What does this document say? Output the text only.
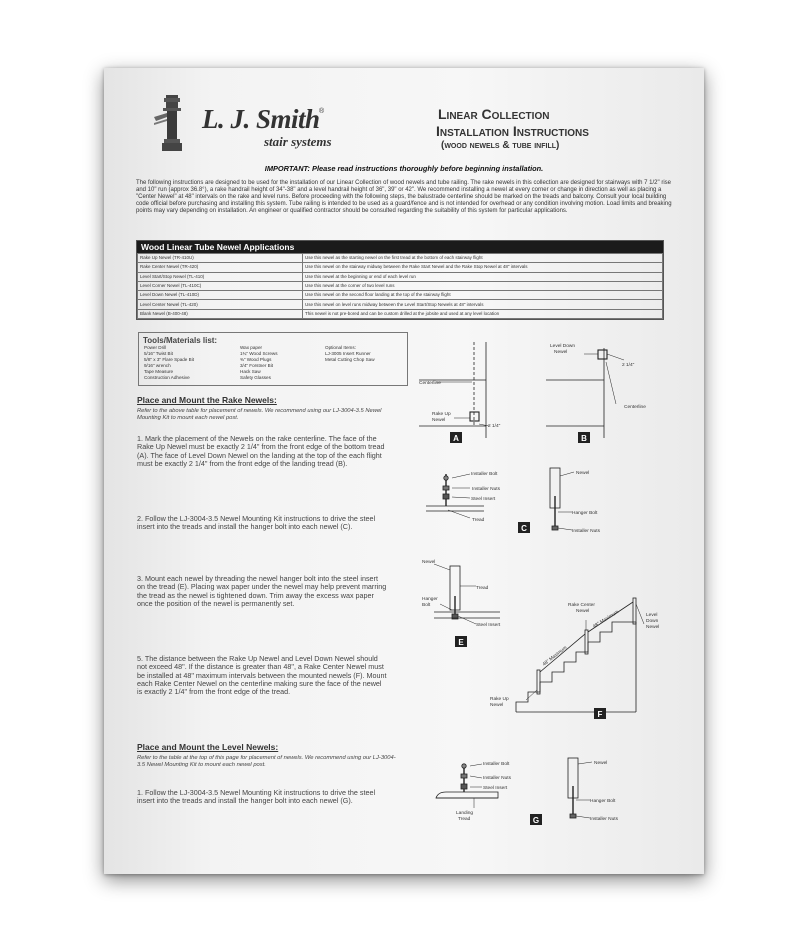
L. J. Smith ®
stair systems
Linear Collection
Installation Instructions
(wood newels & tube infill)
IMPORTANT: Please read instructions thoroughly before beginning installation.

The following instructions are designed to be used for the installation of our Linear Collection of wood newels and tube railing. The rake newels in this collection are designed for stairways with 7 1/2" rise and 10" run (approx 36.8°), a rake handrail height of 34"-38" and a level handrail height of 36", 39" or 42". We recommend installing a newel at every corner or change in direction as well as placing a "Center Newel" at 48" intervals on the rake and level runs. Before proceeding with the following steps, the balustrade centerline should be marked on the treads and balcony. Consult your local building code official before purchasing and installing this system. Tube railing is intended to be used as a guard/fence and is not intended for overhead or any condition involving motion. Load limits and breaking points may vary depending on installation. An engineer or qualified contractor should be consulted regarding the suitability of this system for particular applications.

Wood Linear Tube Newel Applications
Rake Up Newel (TR-410U)	Use this newel as the starting newel on the first tread at the bottom of each stairway flight
Rake Center Newel (TR-420)	Use this newel on the stairway midway between the Rake Start Newel and the Rake Stop Newel at 48" intervals
Level Start/Stop Newel (TL-410)	Use this newel at the beginning or end of each level run
Level Corner Newel (TL-410C)	Use this newel at the corner of two level runs
Level Down Newel (TL-410D)	Use this newel on the second floor landing at the top of the stairway flight
Level Center Newel (TL-420)	Use this newel on level runs midway between the Level Start/Stop Newels at 48" intervals
Blank Newel (B-400-48)	This newel is not pre-bored and can be custom drilled at the jobsite and used at any level location
Tools/Materials list:
Power Drill
5/16" Twist Bit
5/8" x 3" Flare Spade Bit
9/16" wrench
Tape Measure
Construction Adhesive
Wax paper
1¾" Wood Screws
⅜" Wood Plugs
3/4" Forstner Bit
Hack Saw
Safety Glasses
Optional Items:
LJ-3005 Insert Runner
Metal Cutting Chop Saw
Place and Mount the Rake Newels:
Refer to the above table for placement of newels. We recommend using our LJ-3004-3.5 Newel Mounting Kit to mount each newel post.
1. Mark the placement of the Newels on the rake centerline. The face of the Rake Up Newel must be exactly 2 1/4" from the front edge of the bottom tread (A). The face of Level Down Newel on the landing at the top of the each flight must be exactly 2 1/4" from the front edge of the landing tread (B).
2. Follow the LJ-3004-3.5 Newel Mounting Kit instructions to drive the steel insert into the treads and install the hanger bolt into each newel (C).
3. Mount each newel by threading the newel hanger bolt into the steel insert on the tread (E). Placing wax paper under the newel may help prevent marring the tread as the newel is tightened down. Trim away the excess wax paper once the position of the newel is permanently set.
5. The distance between the Rake Up Newel and Level Down Newel should not exceed 48". If the distance is greater than 48", a Rake Center Newel must be installed at 48" maximum intervals between the mounted newels (F). Mount each Rake Center Newel on the centerline making sure the face of the newel is exactly 2 1/4" from the front edge of the tread.
Place and Mount the Level Newels:
Refer to the table at the top of this page for placement of newels. We recommend using our LJ-3004-3.5 Newel Mounting Kit to mount each newel post.
1. Follow the LJ-3004-3.5 Newel Mounting Kit instructions to drive the steel insert into the treads and install the hanger bolt into each newel (G).
Centerline
Rake Up
Newel
2 1/4"
A
Level Down
Newel
2 1/4"
Centerline
B
Installer Bolt
Installer Nuts
Steel Insert
Tread
Newel
Hanger Bolt
Installer Nuts
C
Newel
Tread
Hanger
Bolt
Steel Insert
E
Rake Center
Newel
Level
Down
Newel
48" Maximum
48" Maximum
Rake Up
Newel
F
Installer Bolt
Installer Nuts
Steel Insert
Landing
Tread
Newel
Hanger Bolt
Installer Nuts
G
